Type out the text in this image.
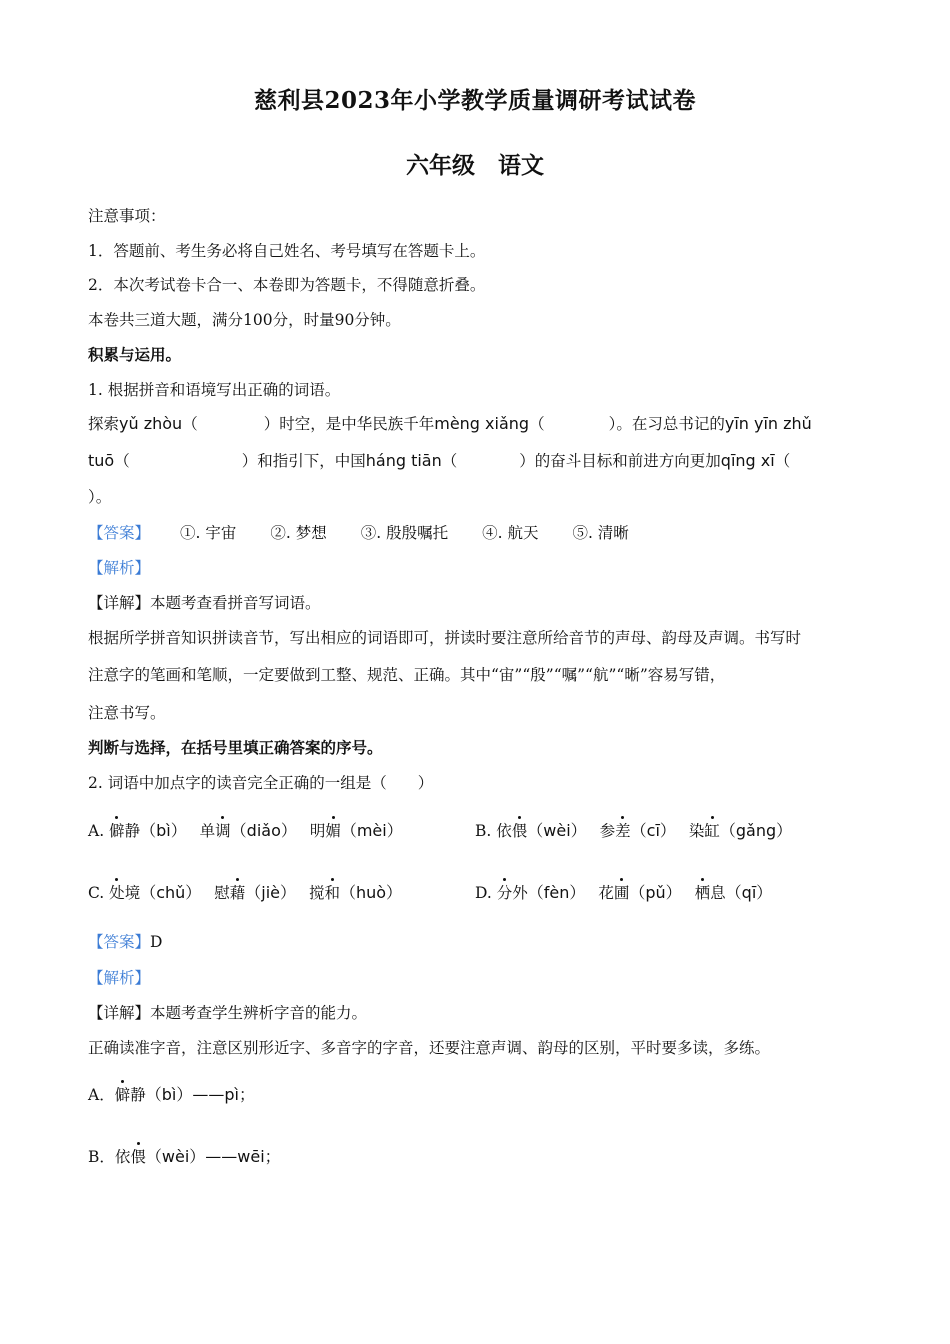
慈利县2023年小学教学质量调研考试试卷
六年级　语文
注意事项：
1．答题前、考生务必将自己姓名、考号填写在答题卡上。
2．本次考试卷卡合一、本卷即为答题卡，不得随意折叠。
本卷共三道大题，满分100分，时量90分钟。
积累与运用。
1. 根据拼音和语境写出正确的词语。
探索yǔ zhòu（	）时空，是中华民族千年mèng xiǎng（	）。在习总书记的yīn yīn zhǔ
tuō（	）和指引下，中国háng tiān（	）的奋斗目标和前进方向更加qīng xī（
）。
【答案】 ①. 宇宙 ②. 梦想 ③. 殷殷嘱托 ④. 航天 ⑤. 清晰
【解析】
【详解】本题考查看拼音写词语。
根据所学拼音知识拼读音节，写出相应的词语即可，拼读时要注意所给音节的声母、韵母及声调。书写时
注意字的笔画和笔顺，一定要做到工整、规范、正确。其中“宙”“殷”“嘱”“航”“晰”容易写错，
注意书写。
判断与选择，在括号里填正确答案的序号。
2. 词语中加点字的读音完全正确的一组是（　　）
A. 僻静（bì） 单调（diǎo） 明媚（mèi）	B. 依偎（wèi） 参差（cī） 染缸（gǎng）
C. 处境（chǔ） 慰藉（jiè） 搅和（huò）	D. 分外（fèn） 花圃（pǔ） 栖息（qī）
【答案】D
【解析】
【详解】本题考查学生辨析字音的能力。
正确读准字音，注意区别形近字、多音字的字音，还要注意声调、韵母的区别，平时要多读，多练。
A．僻静（bì）——pì；
B．依偎（wèi）——wēi；
